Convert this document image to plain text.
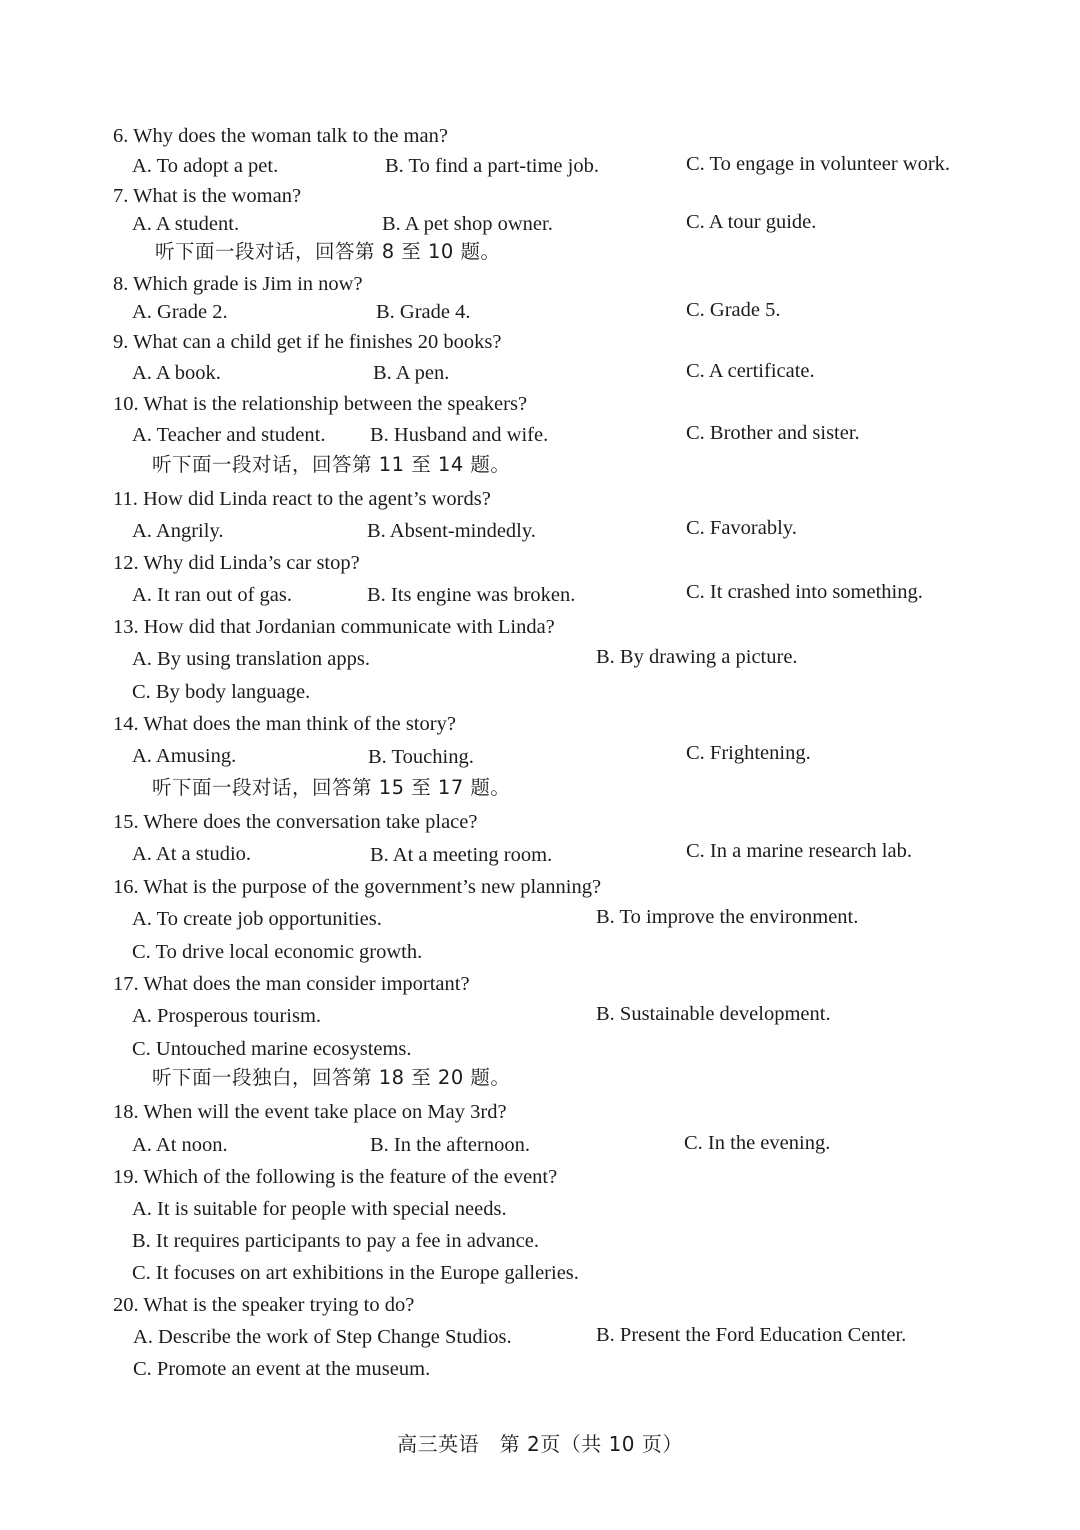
6. Why does the woman talk to the man?
A. To adopt a pet.	B. To find a part-time job.	C. To engage in volunteer work.
7. What is the woman?
A. A student.	B. A pet shop owner.	C. A tour guide.
听下面一段对话，回答第 8 至 10 题。
8. Which grade is Jim in now?
A. Grade 2.	B. Grade 4.	C. Grade 5.
9. What can a child get if he finishes 20 books?
A. A book.	B. A pen.	C. A certificate.
10. What is the relationship between the speakers?
A. Teacher and student. B. Husband and wife.	C. Brother and sister.
听下面一段对话，回答第 11 至 14 题。
11. How did Linda react to the agent’s words?
A. Angrily.	B. Absent-mindedly.	C. Favorably.
12. Why did Linda’s car stop?
A. It ran out of gas.	B. Its engine was broken.	C. It crashed into something.
13. How did that Jordanian communicate with Linda?
A. By using translation apps.	B. By drawing a picture.
C. By body language.
14. What does the man think of the story?
A. Amusing.	B. Touching.	C. Frightening.
听下面一段对话，回答第 15 至 17 题。
15. Where does the conversation take place?
A. At a studio.	B. At a meeting room.	C. In a marine research lab.
16. What is the purpose of the government’s new planning?
A. To create job opportunities.	B. To improve the environment.
C. To drive local economic growth.
17. What does the man consider important?
A. Prosperous tourism.	B. Sustainable development.
C. Untouched marine ecosystems.
听下面一段独白，回答第 18 至 20 题。
18. When will the event take place on May 3rd?
A. At noon.	B. In the afternoon.	C. In the evening.
19. Which of the following is the feature of the event?
A. It is suitable for people with special needs.
B. It requires participants to pay a fee in advance.
C. It focuses on art exhibitions in the Europe galleries.
20. What is the speaker trying to do?
A. Describe the work of Step Change Studios.	B. Present the Ford Education Center.
C. Promote an event at the museum.
高三英语　第 2页（共 10 页）
